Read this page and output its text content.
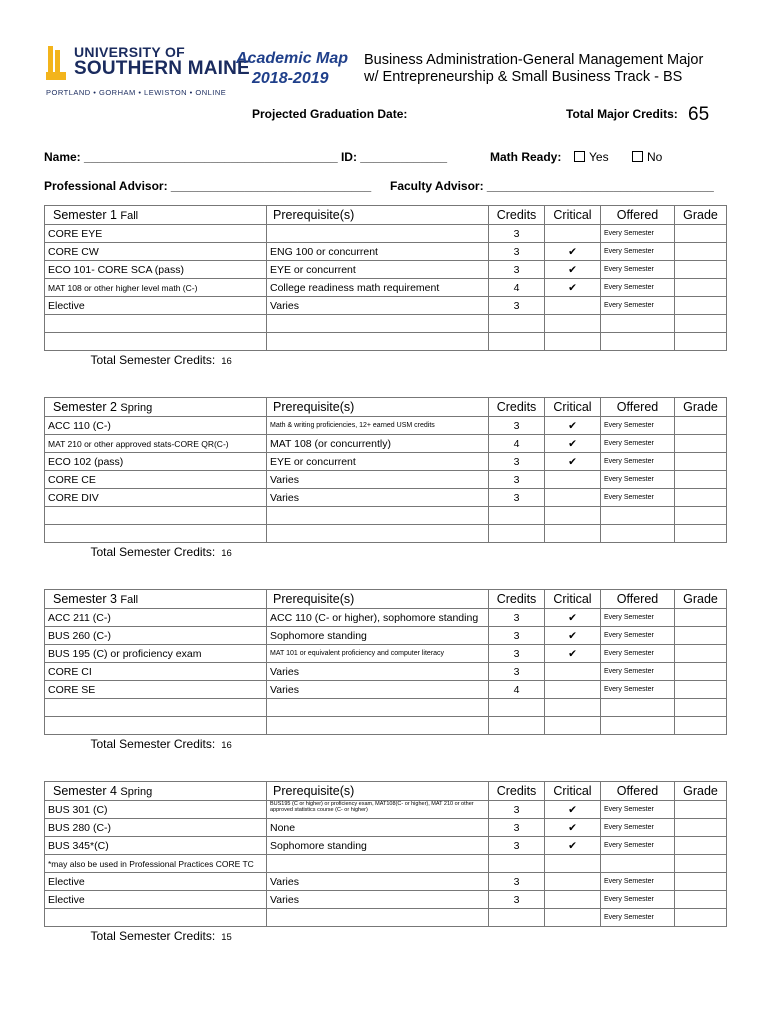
UNIVERSITY OF
SOUTHERN MAINE
PORTLAND • GORHAM • LEWISTON • ONLINE
Academic Map
2018-2019
Business Administration-General Management Major
w/ Entrepreneurship & Small Business Track - BS
Projected Graduation Date:	Total Major Credits: 65
Name: ______________________________________ ID: _____________	Math Ready:	Yes	No
Professional Advisor: ______________________________ Faculty Advisor: __________________________________
Semester 1 Fall	Prerequisite(s)	Credits	Critical	Offered	Grade
CORE EYE		3		Every Semester	
CORE CW	ENG 100 or concurrent	3	✔	Every Semester	
ECO 101- CORE SCA (pass)	EYE or concurrent	3	✔	Every Semester	
MAT 108 or other higher level math (C-)	College readiness math requirement	4	✔	Every Semester	
Elective	Varies	3		Every Semester	

Total Semester Credits: 16					
Semester 2 Spring	Prerequisite(s)	Credits	Critical	Offered	Grade
ACC 110 (C-)	Math & writing proficiencies, 12+ earned USM credits	3	✔	Every Semester	
MAT 210 or other approved stats-CORE QR(C-)	MAT 108 (or concurrently)	4	✔	Every Semester	
ECO 102 (pass)	EYE or concurrent	3	✔	Every Semester	
CORE CE	Varies	3		Every Semester	
CORE DIV	Varies	3		Every Semester	

Total Semester Credits: 16					
Semester 3 Fall	Prerequisite(s)	Credits	Critical	Offered	Grade
ACC 211 (C-)	ACC 110 (C- or higher), sophomore standing	3	✔	Every Semester	
BUS 260 (C-)	Sophomore standing	3	✔	Every Semester	
BUS 195 (C) or proficiency exam	MAT 101 or equivalent proficiency and computer literacy	3	✔	Every Semester	
CORE CI	Varies	3		Every Semester	
CORE SE	Varies	4		Every Semester	

Total Semester Credits: 16					
Semester 4 Spring	Prerequisite(s)	Credits	Critical	Offered	Grade
BUS 301 (C)	BUS195 (C or higher) or proficiency exam, MAT108(C- or higher), MAT 210 or other approved statistics course (C- or higher)	3	✔	Every Semester	
BUS 280 (C-)	None	3	✔	Every Semester	
BUS 345*(C)	Sophomore standing	3	✔	Every Semester	
*may also be used in Professional Practices CORE TC					
Elective	Varies	3		Every Semester	
Elective	Varies	3		Every Semester	
				Every Semester	
Total Semester Credits: 15					
